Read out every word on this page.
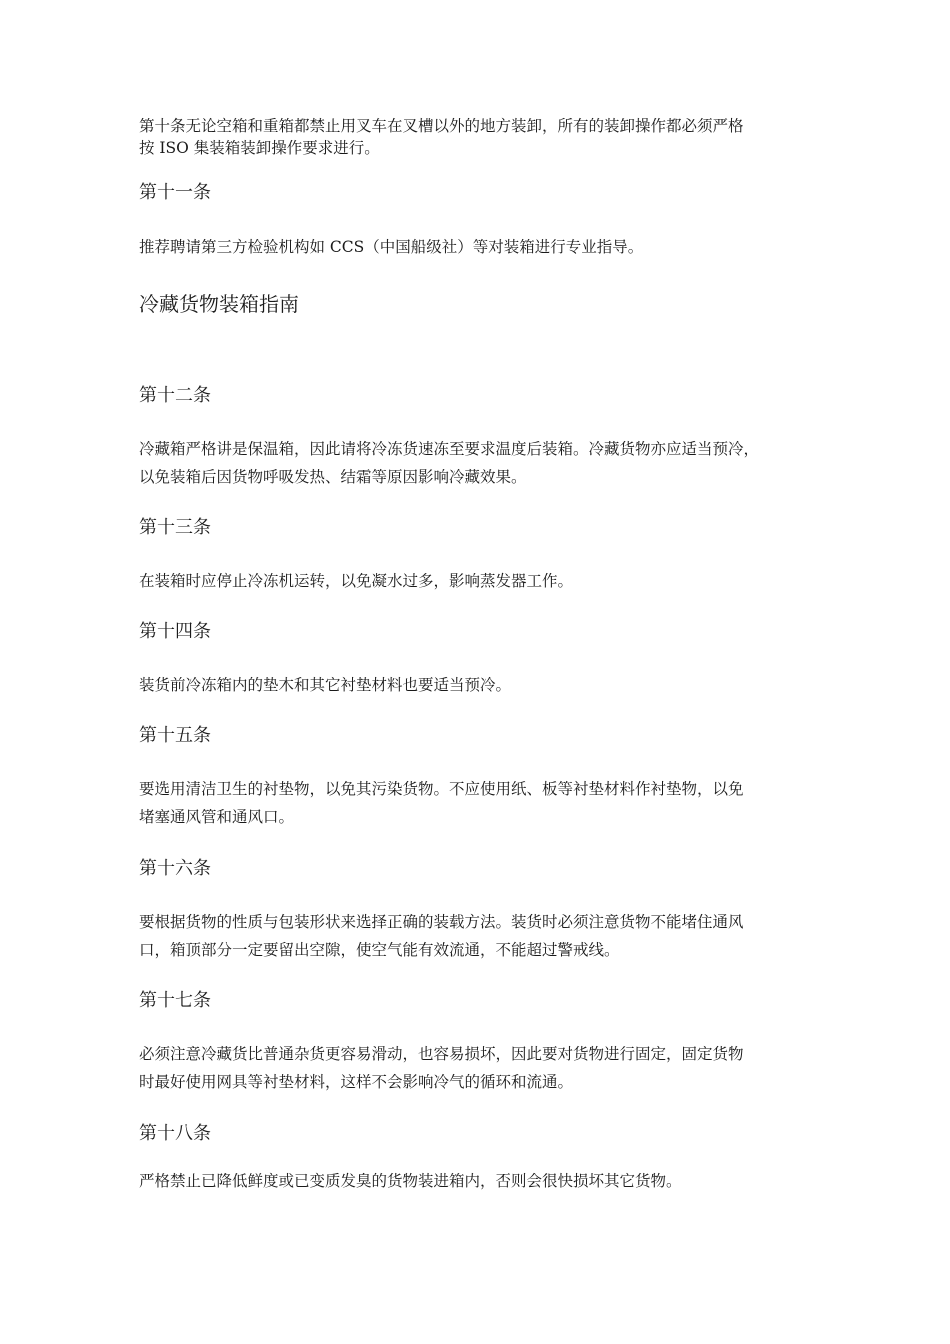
第十条无论空箱和重箱都禁止用叉车在叉槽以外的地方装卸，所有的装卸操作都必须严格
按 ISO 集装箱装卸操作要求进行。
第十一条
推荐聘请第三方检验机构如 CCS（中国船级社）等对装箱进行专业指导。
冷藏货物装箱指南
第十二条
冷藏箱严格讲是保温箱，因此请将冷冻货速冻至要求温度后装箱。冷藏货物亦应适当预冷，
以免装箱后因货物呼吸发热、结霜等原因影响冷藏效果。
第十三条
在装箱时应停止冷冻机运转，以免凝水过多，影响蒸发器工作。
第十四条
装货前冷冻箱内的垫木和其它衬垫材料也要适当预冷。
第十五条
要选用清洁卫生的衬垫物，以免其污染货物。不应使用纸、板等衬垫材料作衬垫物，以免
堵塞通风管和通风口。
第十六条
要根据货物的性质与包装形状来选择正确的装载方法。装货时必须注意货物不能堵住通风
口，箱顶部分一定要留出空隙，使空气能有效流通，不能超过警戒线。
第十七条
必须注意冷藏货比普通杂货更容易滑动，也容易损坏，因此要对货物进行固定，固定货物
时最好使用网具等衬垫材料，这样不会影响冷气的循环和流通。
第十八条
严格禁止已降低鲜度或已变质发臭的货物装进箱内，否则会很快损坏其它货物。
